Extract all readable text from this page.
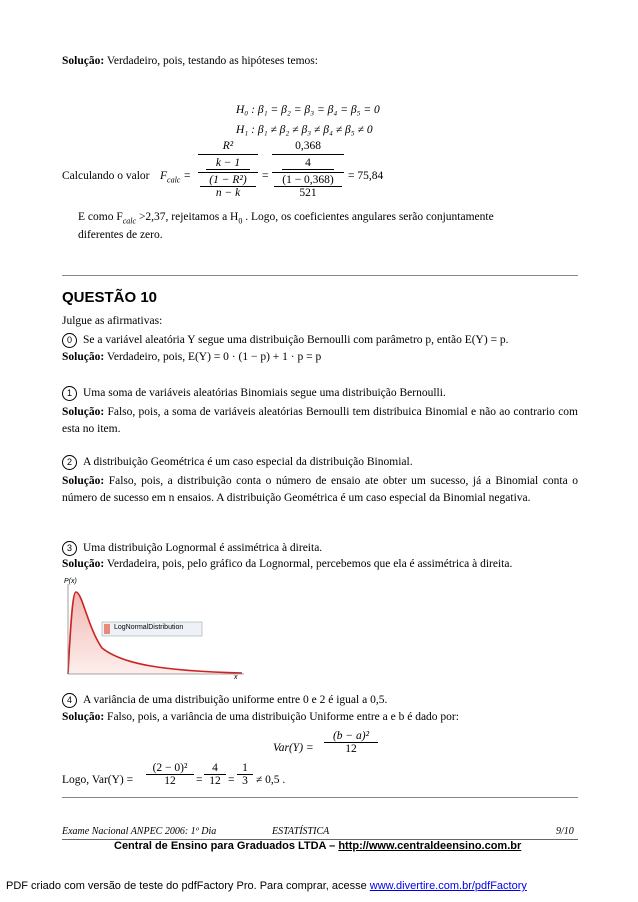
Solução: Verdadeiro, pois, testando as hipóteses temos:
H₀ : β₁ = β₂ = β₃ = β₄ = β₅ = 0
H₁ : β₁ ≠ β₂ ≠ β₃ ≠ β₄ ≠ β₅ ≠ 0
Calculando o valor $F_{calc}$ =
R²
k − 1
(1 − R²)
n − k
=
0,368
4
(1 − 0,368)
521
= 75,84
E como $F_{calc} >2,37$, rejeitamos a $H_0$ . Logo, os coeficientes angulares serão conjuntamente
diferentes de zero.
QUESTÃO 10
Julgue as afirmativas:
0 Se a variável aleatória Y segue uma distribuição Bernoulli com parâmetro p, então E(Y) = p.
Solução: Verdadeiro, pois, E(Y) = 0 · (1 − p) + 1 · p = p
1 Uma soma de variáveis aleatórias Binomiais segue uma distribuição Bernoulli.
Solução: Falso, pois, a soma de variáveis aleatórias Bernoulli tem distribuica Binomial e não ao contrario com esta no item.
2 A distribuição Geométrica é um caso especial da distribuição Binomial.
Solução: Falso, pois, a distribuição conta o número de ensaio ate obter um sucesso, já a Binomial conta o número de sucesso em n ensaios. A distribuição Geométrica é um caso especial da Binomial negativa.
3 Uma distribuição Lognormal é assimétrica à direita.
Solução: Verdadeira, pois, pelo gráfico da Lognormal, percebemos que ela é assimétrica à direita.
P(x)
x
LogNormalDistribution
4 A variância de uma distribuição uniforme entre 0 e 2 é igual a 0,5.
Solução: Falso, pois, a variância de uma distribuição Uniforme entre a e b é dado por:
Var(Y) =
(b − a)²
12
Logo, Var(Y) =
(2 − 0)²
12	=
4
12 =
1
3 ≠ 0,5 .
Exame Nacional ANPEC 2006: 1º Dia	ESTATÍSTICA	9/10
Central de Ensino para Graduados LTDA – http://www.centraldeensino.com.br
PDF criado com versão de teste do pdfFactory Pro. Para comprar, acesse www.divertire.com.br/pdfFactory
